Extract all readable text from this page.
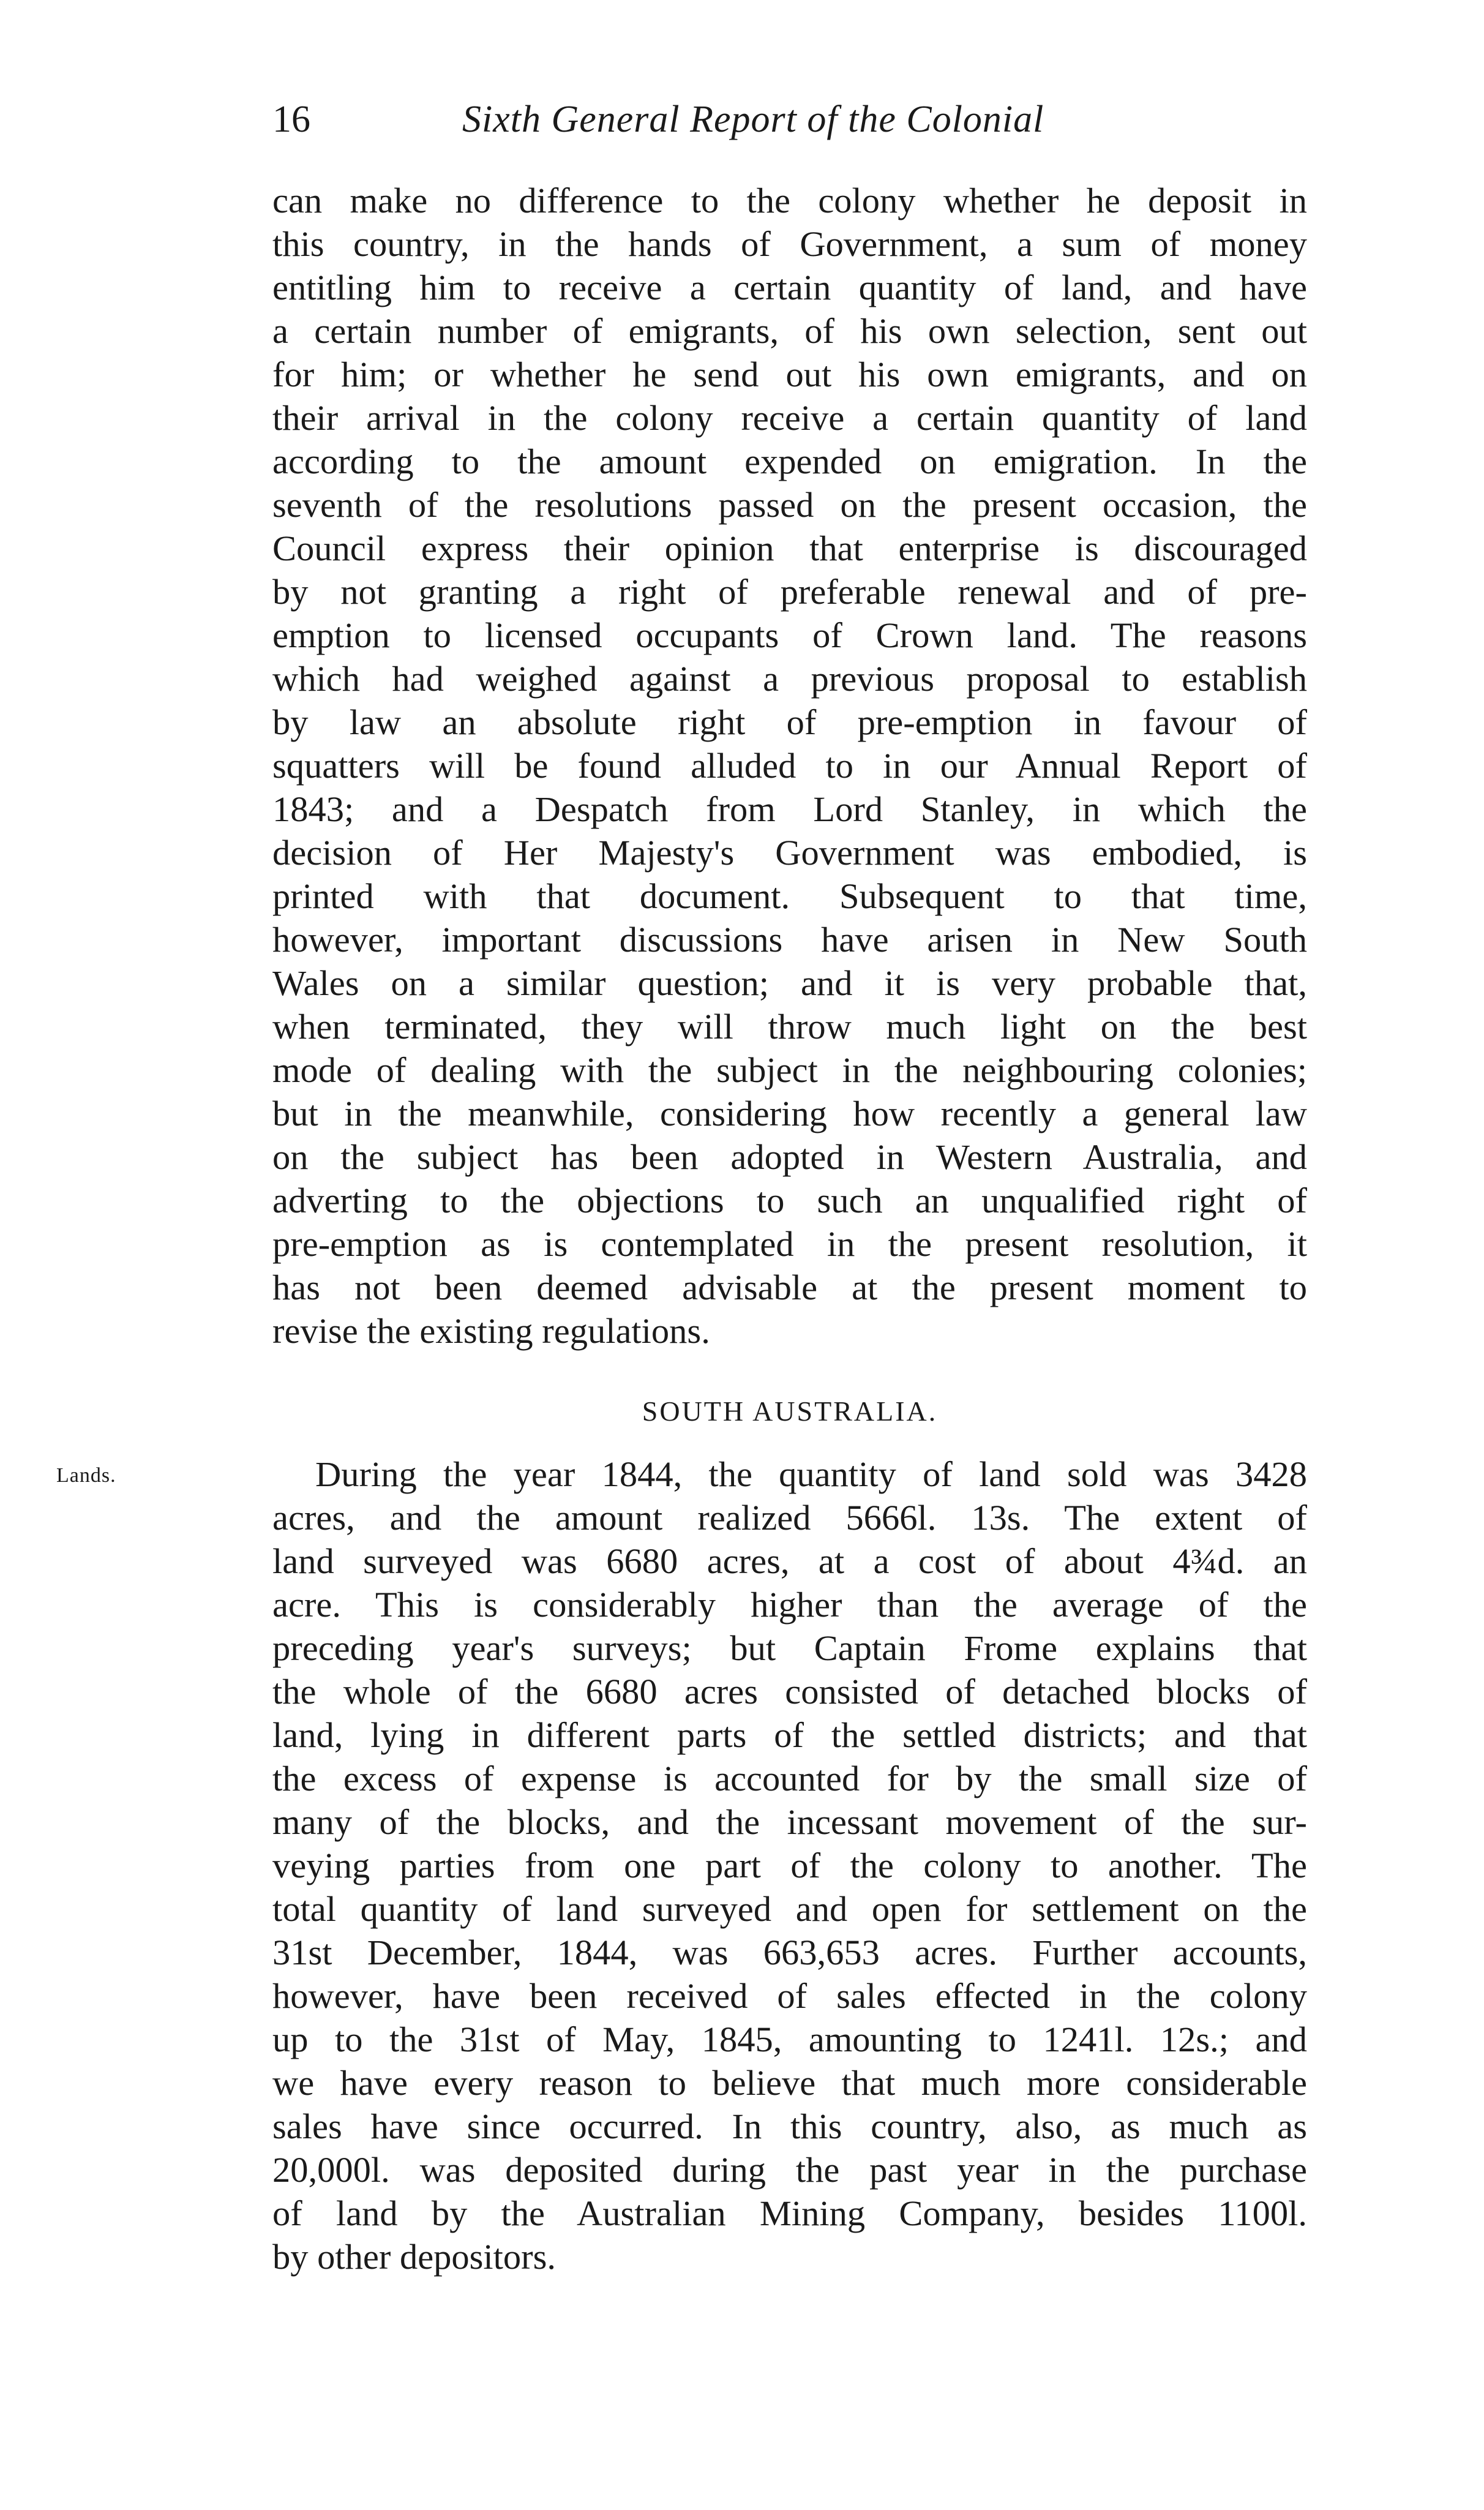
16	Sixth General Report of the Colonial
can make no difference to the colony whether he deposit in
this country, in the hands of Government, a sum of money
entitling him to receive a certain quantity of land, and have
a certain number of emigrants, of his own selection, sent out
for him; or whether he send out his own emigrants, and on
their arrival in the colony receive a certain quantity of land
according to the amount expended on emigration. In the
seventh of the resolutions passed on the present occasion, the
Council express their opinion that enterprise is discouraged
by not granting a right of preferable renewal and of pre-
emption to licensed occupants of Crown land. The reasons
which had weighed against a previous proposal to establish
by law an absolute right of pre-emption in favour of
squatters will be found alluded to in our Annual Report of
1843; and a Despatch from Lord Stanley, in which the
decision of Her Majesty's Government was embodied, is
printed with that document. Subsequent to that time,
however, important discussions have arisen in New South
Wales on a similar question; and it is very probable that,
when terminated, they will throw much light on the best
mode of dealing with the subject in the neighbouring colonies;
but in the meanwhile, considering how recently a general law
on the subject has been adopted in Western Australia, and
adverting to the objections to such an unqualified right of
pre-emption as is contemplated in the present resolution, it
has not been deemed advisable at the present moment to
revise the existing regulations.
SOUTH AUSTRALIA.
Lands.	During the year 1844, the quantity of land sold was 3428
acres, and the amount realized 5666l. 13s. The extent of
land surveyed was 6680 acres, at a cost of about 4¾d. an
acre. This is considerably higher than the average of the
preceding year's surveys; but Captain Frome explains that
the whole of the 6680 acres consisted of detached blocks of
land, lying in different parts of the settled districts; and that
the excess of expense is accounted for by the small size of
many of the blocks, and the incessant movement of the sur-
veying parties from one part of the colony to another. The
total quantity of land surveyed and open for settlement on the
31st December, 1844, was 663,653 acres. Further accounts,
however, have been received of sales effected in the colony
up to the 31st of May, 1845, amounting to 1241l. 12s.; and
we have every reason to believe that much more considerable
sales have since occurred. In this country, also, as much as
20,000l. was deposited during the past year in the purchase
of land by the Australian Mining Company, besides 1100l.
by other depositors.
